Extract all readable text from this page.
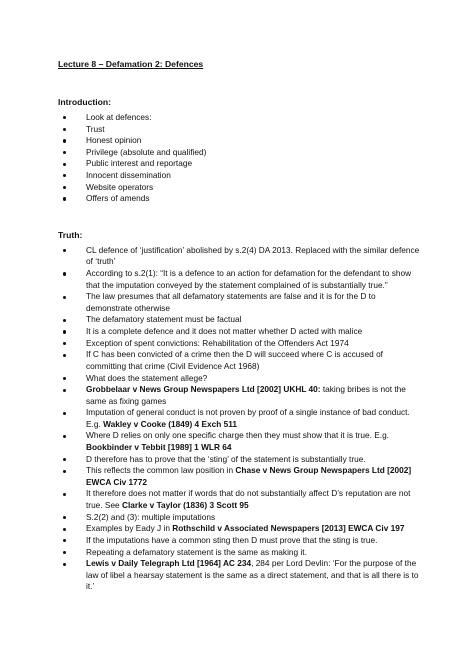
Lecture 8 – Defamation 2: Defences
Introduction:
Look at defences:
Trust
Honest opinion
Privilege (absolute and qualified)
Public interest and reportage
Innocent dissemination
Website operators
Offers of amends
Truth:
CL defence of ‘justification’ abolished by s.2(4) DA 2013. Replaced with the similar defence of ‘truth’
According to s.2(1): “It is a defence to an action for defamation for the defendant to show that the imputation conveyed by the statement complained of is substantially true.”
The law presumes that all defamatory statements are false and it is for the D to demonstrate otherwise
The defamatory statement must be factual
It is a complete defence and it does not matter whether D acted with malice
Exception of spent convictions: Rehabilitation of the Offenders Act 1974
If C has been convicted of a crime then the D will succeed where C is accused of committing that crime (Civil Evidence Act 1968)
What does the statement allege?
Grobbelaar v News Group Newspapers Ltd [2002] UKHL 40: taking bribes is not the same as fixing games
Imputation of general conduct is not proven by proof of a single instance of bad conduct. E.g. Wakley v Cooke (1849) 4 Exch 511
Where D relies on only one specific charge then they must show that it is true. E.g. Bookbinder v Tebbit [1989] 1 WLR 64
D therefore has to prove that the ‘sting’ of the statement is substantially true.
This reflects the common law position in Chase v News Group Newspapers Ltd [2002] EWCA Civ 1772
It therefore does not matter if words that do not substantially affect D’s reputation are not true. See Clarke v Taylor (1836) 3 Scott 95
S.2(2) and (3): multiple imputations
Examples by Eady J in Rothschild v Associated Newspapers [2013] EWCA Civ 197
If the imputations have a common sting then D must prove that the sting is true.
Repeating a defamatory statement is the same as making it.
Lewis v Daily Telegraph Ltd [1964] AC 234, 284 per Lord Devlin: ‘For the purpose of the law of libel a hearsay statement is the same as a direct statement, and that is all there is to it.’
